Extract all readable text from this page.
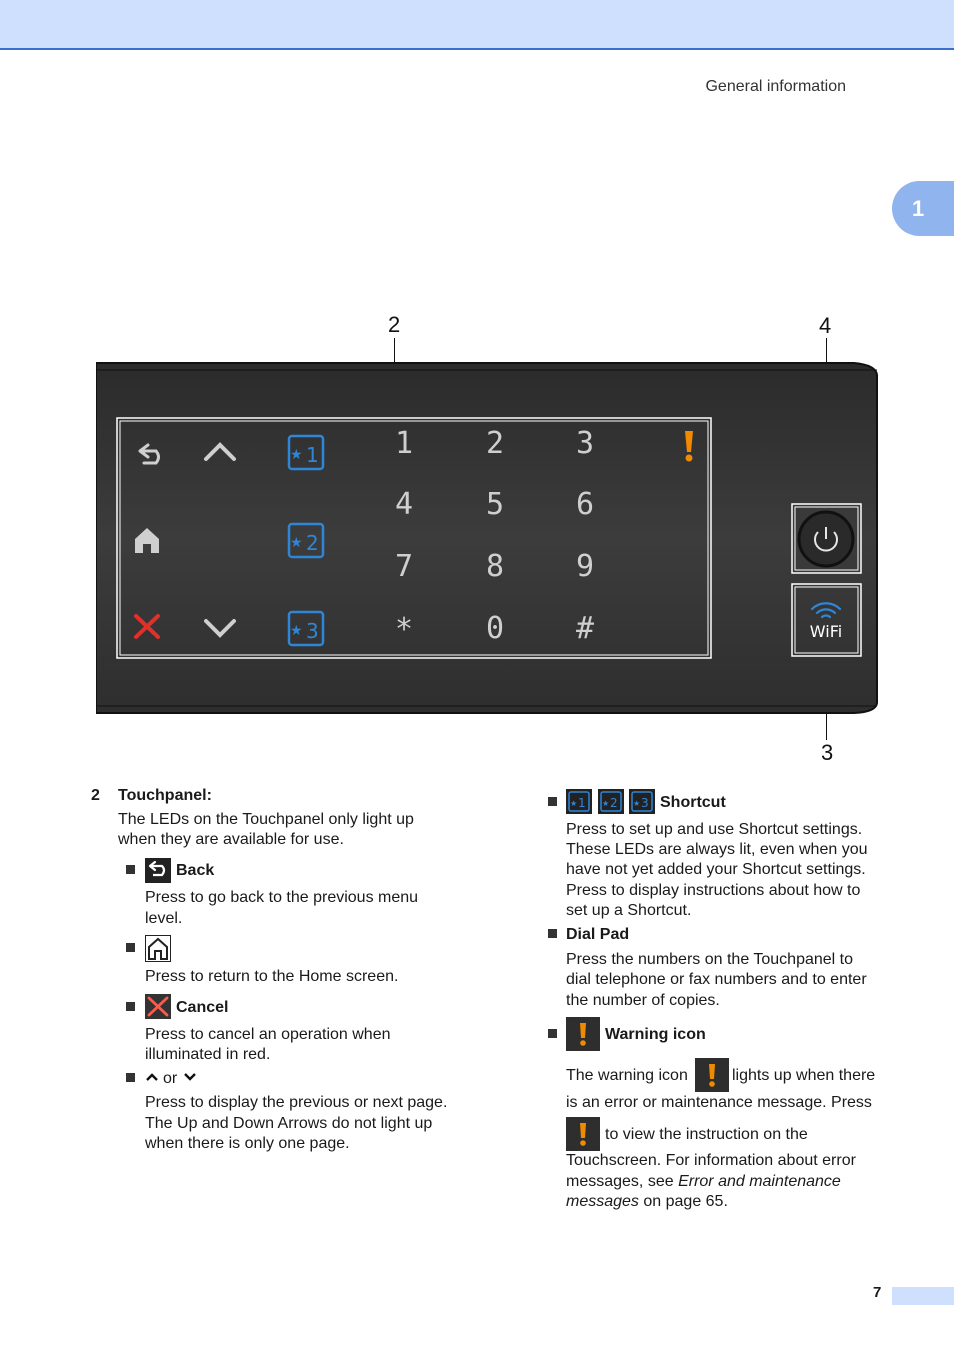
General information
1
2	4
3
★ 1
★ 2
★ 3
1 2 3
4 5 6
7 8 9
* 0 #	WiFi
2 Touchpanel:
The LEDs on the Touchpanel only light up
when they are available for use.
Back
Press to go back to the previous menu
level.
Press to return to the Home screen.
Cancel
Press to cancel an operation when
illuminated in red.
or
Press to display the previous or next page.
The Up and Down Arrows do not light up
when there is only one page.
★ 1 ★ 2 ★ 3 Shortcut
Press to set up and use Shortcut settings.
These LEDs are always lit, even when you
have not yet added your Shortcut settings.
Press to display instructions about how to
set up a Shortcut.
Dial Pad
Press the numbers on the Touchpanel to
dial telephone or fax numbers and to enter
the number of copies.
Warning icon
The warning icon	lights up when there
is an error or maintenance message. Press
to view the instruction on the
Touchscreen. For information about error
messages, see Error and maintenance
messages on page 65.
7
